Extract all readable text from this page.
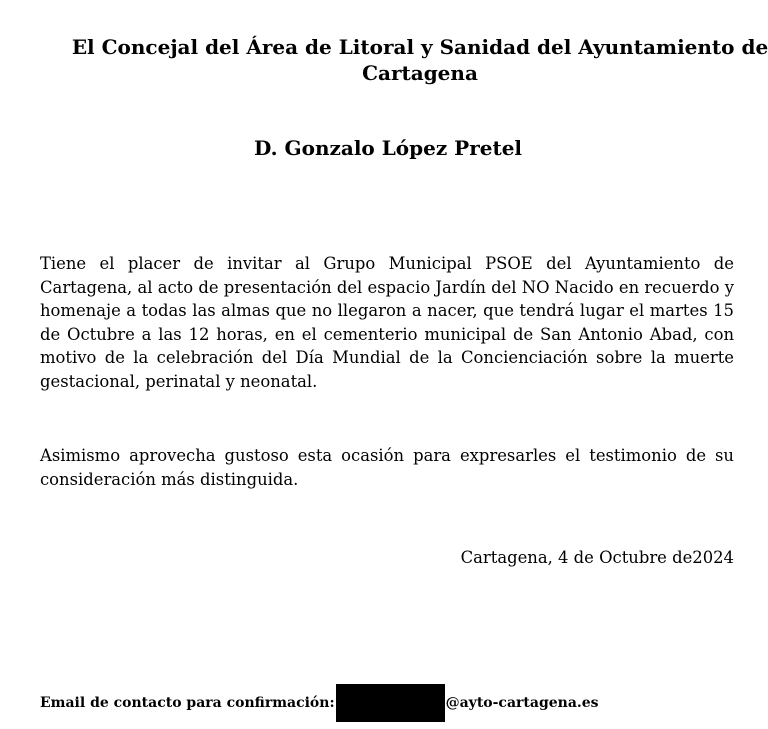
El Concejal del Área de Litoral y Sanidad del Ayuntamiento de Cartagena
D. Gonzalo López Pretel

Tiene el placer de invitar al Grupo Municipal PSOE del Ayuntamiento de Cartagena, al acto de presentación del espacio Jardín del NO Nacido en recuerdo y homenaje a todas las almas que no llegaron a nacer, que tendrá lugar el martes 15 de Octubre a las 12 horas, en el cementerio municipal de San Antonio Abad, con motivo de la celebración del Día Mundial de la Concienciación sobre la muerte gestacional, perinatal y neonatal.

Asimismo aprovecha gustoso esta ocasión para expresarles el testimonio de su consideración más distinguida.

Cartagena, 4 de Octubre de2024

Email de contacto para confirmación:	@ayto-cartagena.es
